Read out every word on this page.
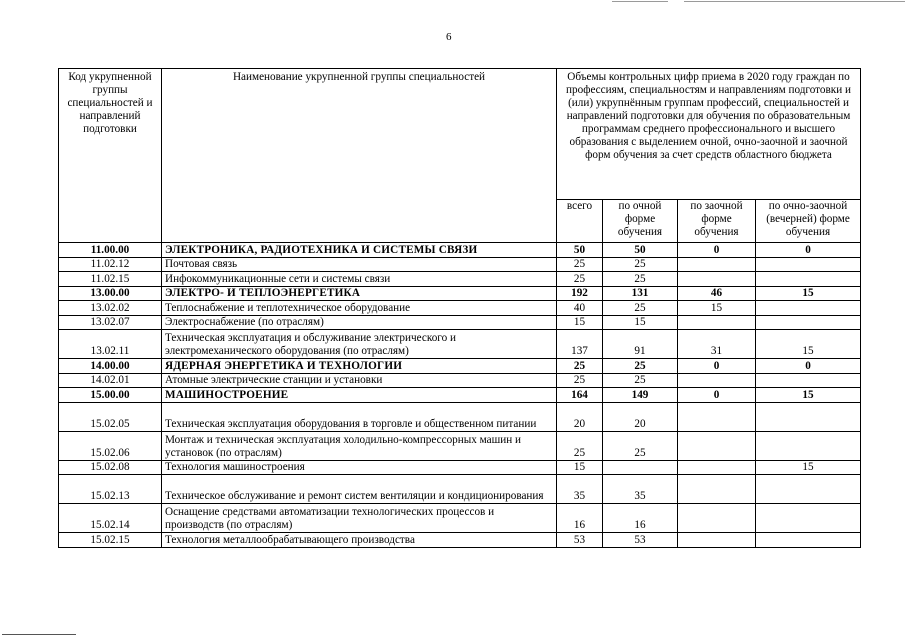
6
Код укрупненной группы специальностей и направлений подготовки	Наименование укрупненной группы специальностей	Объемы контрольных цифр приема в 2020 году граждан по профессиям, специальностям и направлениям подготовки и (или) укрупнённым группам профессий, специальностей и направлений подготовки для обучения по образовательным программам среднего профессионального и высшего образования с выделением очной, очно-заочной и заочной форм обучения за счет средств областного бюджета			
		всего	по очной форме обучения	по заочной форме обучения	по очно-заочной (вечерней) форме обучения
11.00.00	ЭЛЕКТРОНИКА, РАДИОТЕХНИКА И СИСТЕМЫ СВЯЗИ	50	50	0	0
11.02.12	Почтовая связь	25	25		
11.02.15	Инфокоммуникационные сети и системы связи	25	25		
13.00.00	ЭЛЕКТРО- И ТЕПЛОЭНЕРГЕТИКА	192	131	46	15
13.02.02	Теплоснабжение и теплотехническое оборудование	40	25	15	
13.02.07	Электроснабжение (по отраслям)	15	15		
13.02.11	Техническая эксплуатация и обслуживание электрического и электромеханического оборудования (по отраслям)	137	91	31	15
14.00.00	ЯДЕРНАЯ ЭНЕРГЕТИКА И ТЕХНОЛОГИИ	25	25	0	0
14.02.01	Атомные электрические станции и установки	25	25		
15.00.00	МАШИНОСТРОЕНИЕ	164	149	0	15
15.02.05	Техническая эксплуатация оборудования в торговле и общественном питании	20	20		
15.02.06	Монтаж и техническая эксплуатация холодильно-компрессорных машин и установок (по отраслям)	25	25		
15.02.08	Технология машиностроения	15			15
15.02.13	Техническое обслуживание и ремонт систем вентиляции и кондиционирования	35	35		
15.02.14	Оснащение средствами автоматизации технологических процессов и производств (по отраслям)	16	16		
15.02.15	Технология металлообрабатывающего производства	53	53		
